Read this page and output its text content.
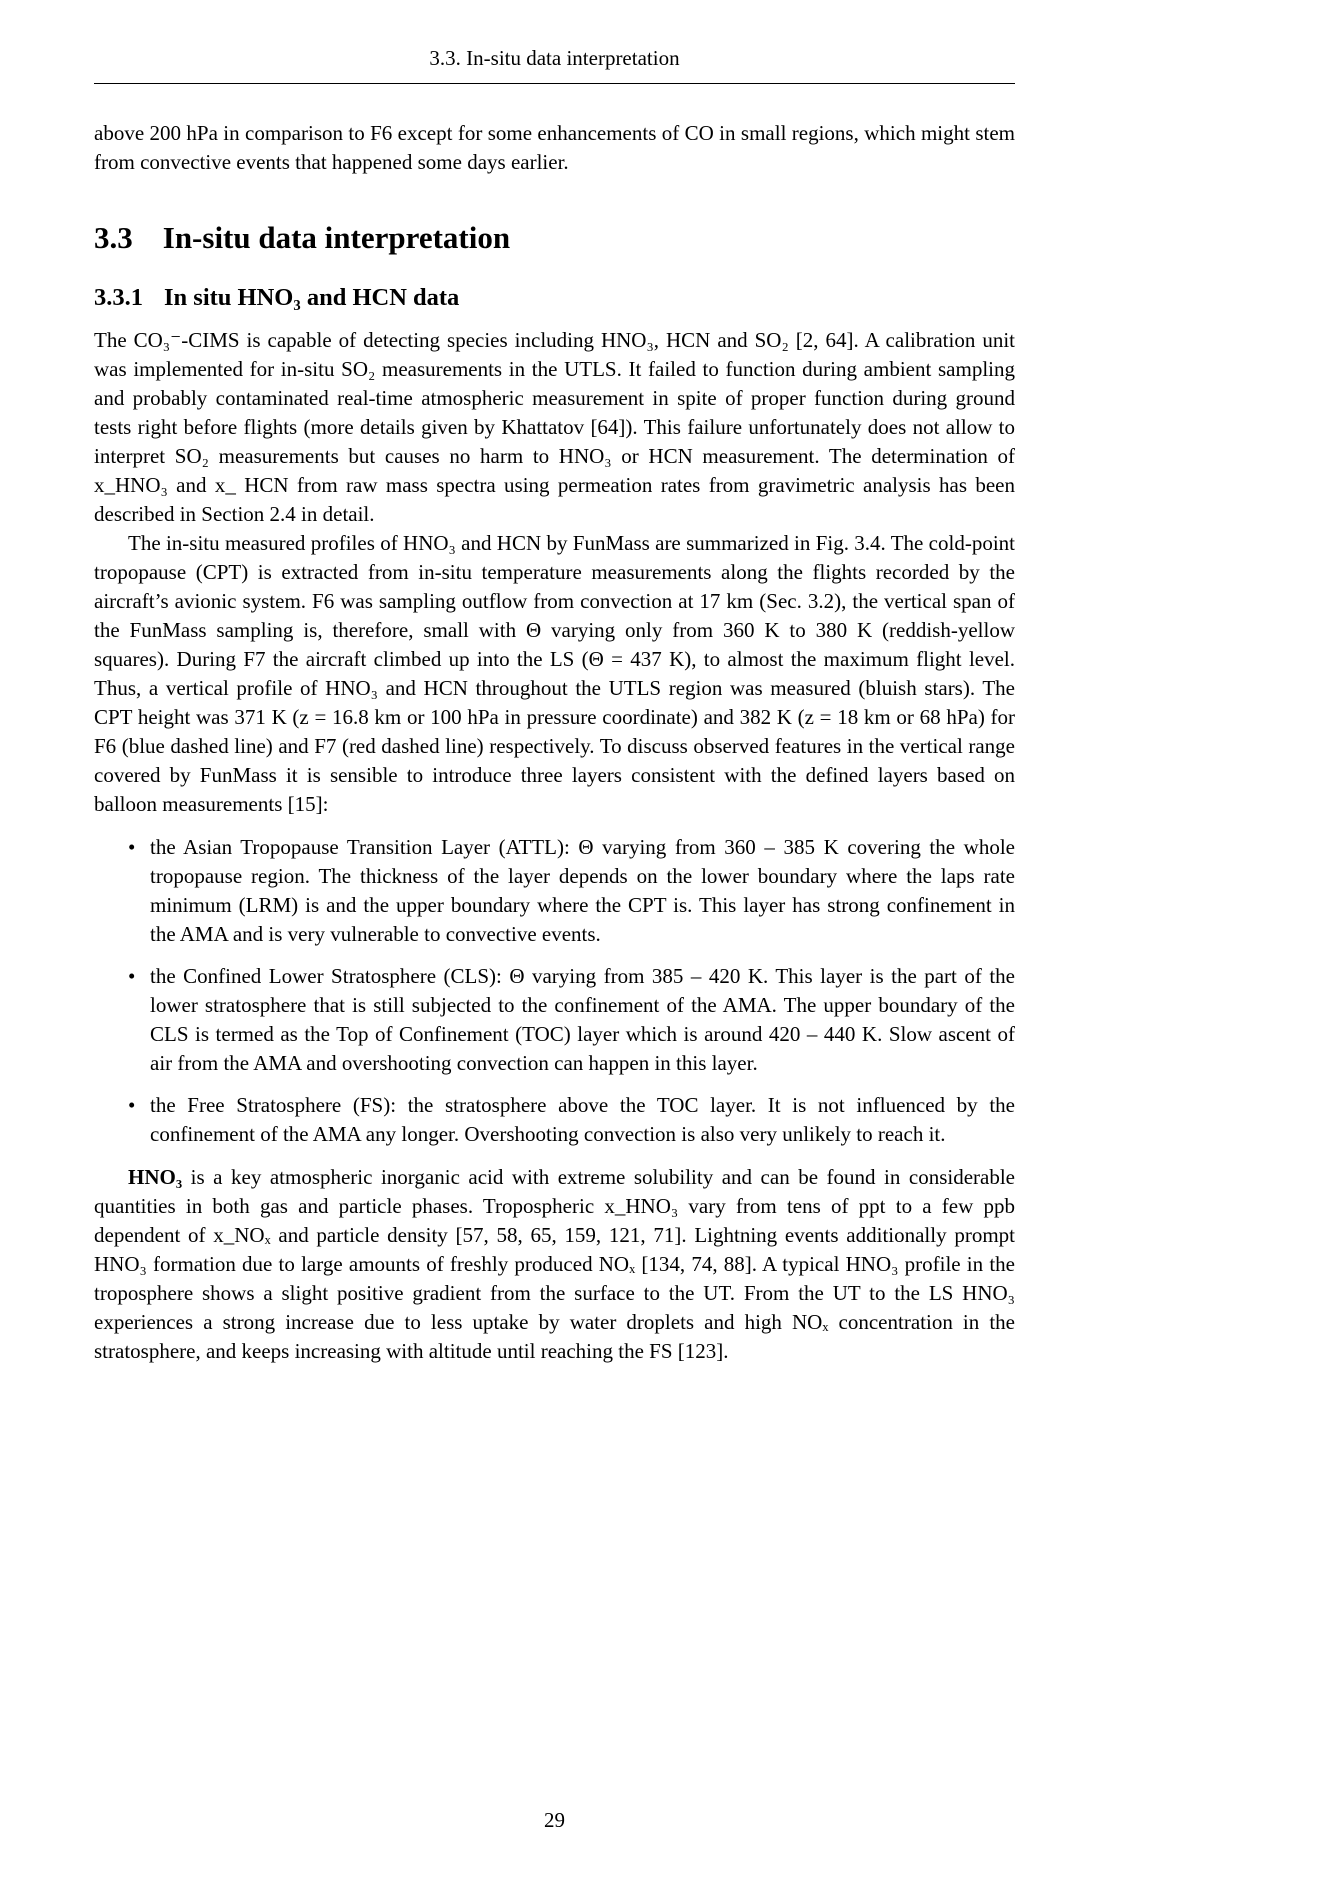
3.3. In-situ data interpretation

above 200 hPa in comparison to F6 except for some enhancements of CO in small regions, which might stem from convective events that happened some days earlier.

3.3 In-situ data interpretation
3.3.1 In situ HNO₃ and HCN data

The CO₃⁻-CIMS is capable of detecting species including HNO₃, HCN and SO₂ [2, 64]. A calibration unit was implemented for in-situ SO₂ measurements in the UTLS. It failed to function during ambient sampling and probably contaminated real-time atmospheric measurement in spite of proper function during ground tests right before flights (more details given by Khattatov [64]). This failure unfortunately does not allow to interpret SO₂ measurements but causes no harm to HNO₃ or HCN measurement. The determination of x_HNO₃ and x_ HCN from raw mass spectra using permeation rates from gravimetric analysis has been described in Section 2.4 in detail.

The in-situ measured profiles of HNO₃ and HCN by FunMass are summarized in Fig. 3.4. The cold-point tropopause (CPT) is extracted from in-situ temperature measurements along the flights recorded by the aircraft’s avionic system. F6 was sampling outflow from convection at 17 km (Sec. 3.2), the vertical span of the FunMass sampling is, therefore, small with Θ varying only from 360 K to 380 K (reddish-yellow squares). During F7 the aircraft climbed up into the LS (Θ = 437 K), to almost the maximum flight level. Thus, a vertical profile of HNO₃ and HCN throughout the UTLS region was measured (bluish stars). The CPT height was 371 K (z = 16.8 km or 100 hPa in pressure coordinate) and 382 K (z = 18 km or 68 hPa) for F6 (blue dashed line) and F7 (red dashed line) respectively. To discuss observed features in the vertical range covered by FunMass it is sensible to introduce three layers consistent with the defined layers based on balloon measurements [15]:

• the Asian Tropopause Transition Layer (ATTL): Θ varying from 360 – 385 K covering the whole tropopause region. The thickness of the layer depends on the lower boundary where the laps rate minimum (LRM) is and the upper boundary where the CPT is. This layer has strong confinement in the AMA and is very vulnerable to convective events.
• the Confined Lower Stratosphere (CLS): Θ varying from 385 – 420 K. This layer is the part of the lower stratosphere that is still subjected to the confinement of the AMA. The upper boundary of the CLS is termed as the Top of Confinement (TOC) layer which is around 420 – 440 K. Slow ascent of air from the AMA and overshooting convection can happen in this layer.
• the Free Stratosphere (FS): the stratosphere above the TOC layer. It is not influenced by the confinement of the AMA any longer. Overshooting convection is also very unlikely to reach it.

HNO₃ is a key atmospheric inorganic acid with extreme solubility and can be found in considerable quantities in both gas and particle phases. Tropospheric x_HNO₃ vary from tens of ppt to a few ppb dependent of x_NOₓ and particle density [57, 58, 65, 159, 121, 71]. Lightning events additionally prompt HNO₃ formation due to large amounts of freshly produced NOₓ [134, 74, 88]. A typical HNO₃ profile in the troposphere shows a slight positive gradient from the surface to the UT. From the UT to the LS HNO₃ experiences a strong increase due to less uptake by water droplets and high NOₓ concentration in the stratosphere, and keeps increasing with altitude until reaching the FS [123].

29
